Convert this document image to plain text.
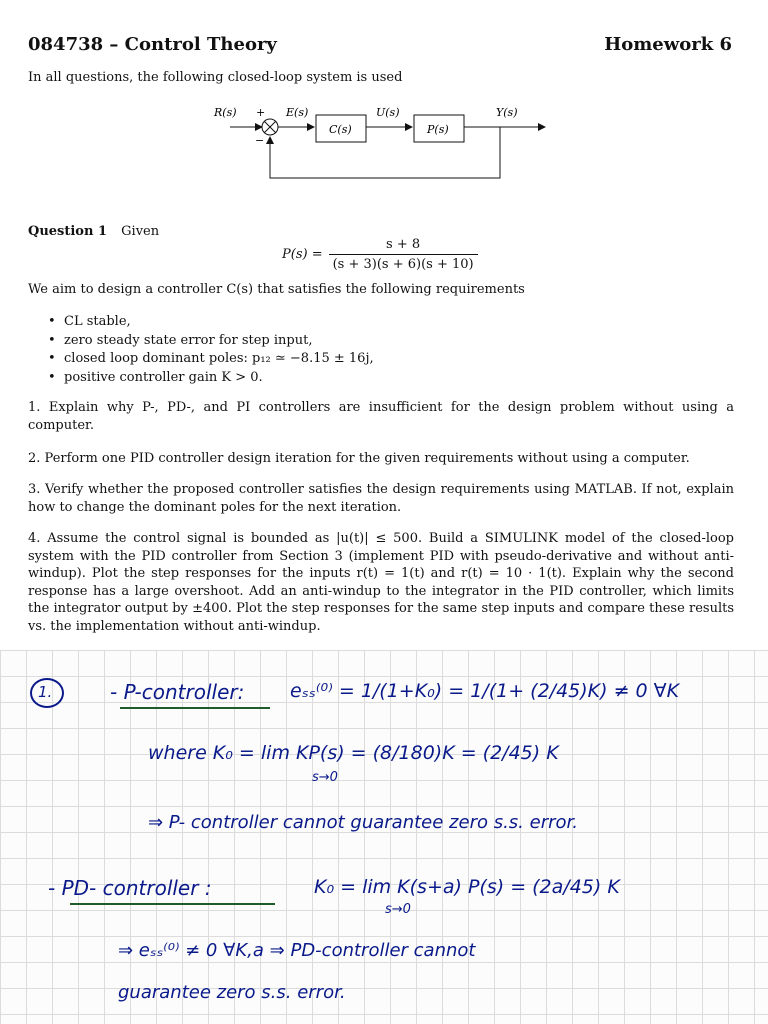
084738 – Control Theory	Homework 6
In all questions, the following closed-loop system is used
R(s) +
−
E(s)
C(s)
U(s)
P(s)
Y(s)
Question 1 Given
$P(s) = \frac{s + 8}{(s + 3)(s + 6)(s + 10)}$
We aim to design a controller C(s) that satisfies the following requirements
• CL stable,
• zero steady state error for step input,
• closed loop dominant poles: p₁₂ ≃ −8.15 ± 16j,
• positive controller gain K > 0.
1. Explain why P-, PD-, and PI controllers are insufficient for the design problem without using a computer.
2. Perform one PID controller design iteration for the given requirements without using a computer.
3. Verify whether the proposed controller satisfies the design requirements using MATLAB. If not, explain how to change the dominant poles for the next iteration.
4. Assume the control signal is bounded as |u(t)| ≤ 500. Build a SIMULINK model of the closed-loop system with the PID controller from Section 3 (implement PID with pseudo-derivative and without anti-windup). Plot the step responses for the inputs r(t) = 1(t) and r(t) = 10 · 1(t). Explain why the second response has a large overshoot. Add an anti-windup to the integrator in the PID controller, which limits the integrator output by ±400. Plot the step responses for the same step inputs and compare these results vs. the implementation without anti-windup.
1.	- P-controller: eₛₛ⁽⁰⁾ = 1/(1+K₀) = 1/(1+ (2/45)K) ≠ 0 ∀K
where K₀ = lim KP(s) = (8/180)K = (2/45) K
s→0
⇒ P- controller cannot guarantee zero s.s. error.
- PD- controller :	K₀ = lim K(s+a) P(s) = (2a/45) K
s→0
⇒ eₛₛ⁽⁰⁾ ≠ 0 ∀K,a ⇒ PD-controller cannot
guarantee zero s.s. error.
